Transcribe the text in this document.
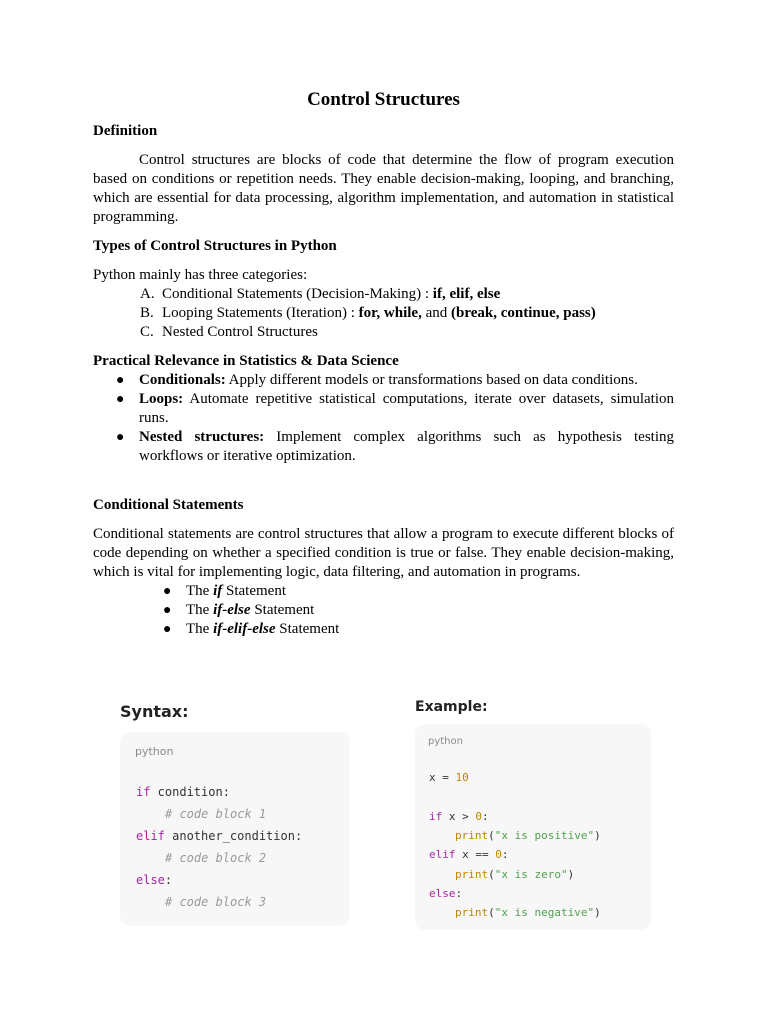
Control Structures

Definition

Control structures are blocks of code that determine the flow of program execution based on conditions or repetition needs. They enable decision-making, looping, and branching, which are essential for data processing, algorithm implementation, and automation in statistical programming.

Types of Control Structures in Python

Python mainly has three categories:

A. Conditional Statements (Decision-Making) : if, elif, else
B. Looping Statements (Iteration) : for, while, and (break, continue, pass)
C. Nested Control Structures

Practical Relevance in Statistics & Data Science

● Conditionals: Apply different models or transformations based on data conditions.
● Loops: Automate repetitive statistical computations, iterate over datasets, simulation runs.
● Nested structures: Implement complex algorithms such as hypothesis testing workflows or iterative optimization.

Conditional Statements

Conditional statements are control structures that allow a program to execute different blocks of code depending on whether a specified condition is true or false. They enable decision-making, which is vital for implementing logic, data filtering, and automation in programs.

● The if Statement
● The if-else Statement
● The if-elif-else Statement
Syntax:
python
if condition:
# code block 1
elif another_condition:
# code block 2
else:
# code block 3
Example:
python
x = 10
if x > 0:
print("x is positive")
elif x == 0:
print("x is zero")
else:
print("x is negative")
